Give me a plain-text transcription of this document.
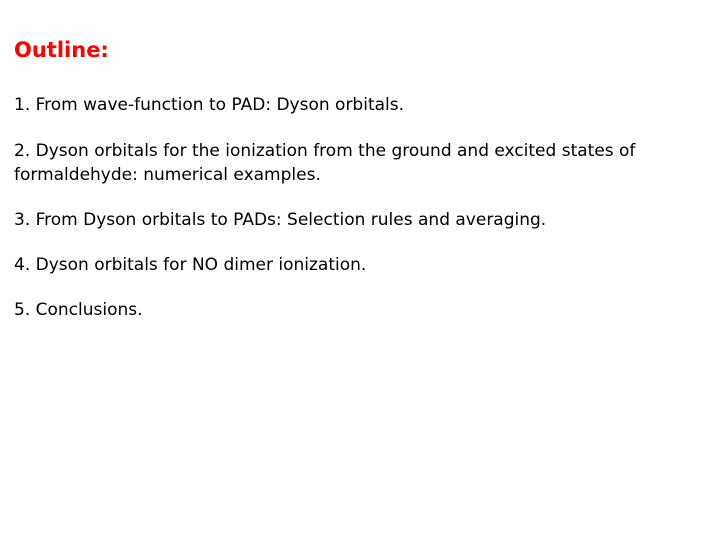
Outline:
1. From wave-function to PAD: Dyson orbitals.
2. Dyson orbitals for the ionization from the ground and excited states of formaldehyde: numerical examples.
3. From Dyson orbitals to PADs: Selection rules and averaging.
4. Dyson orbitals for NO dimer ionization.
5. Conclusions.
